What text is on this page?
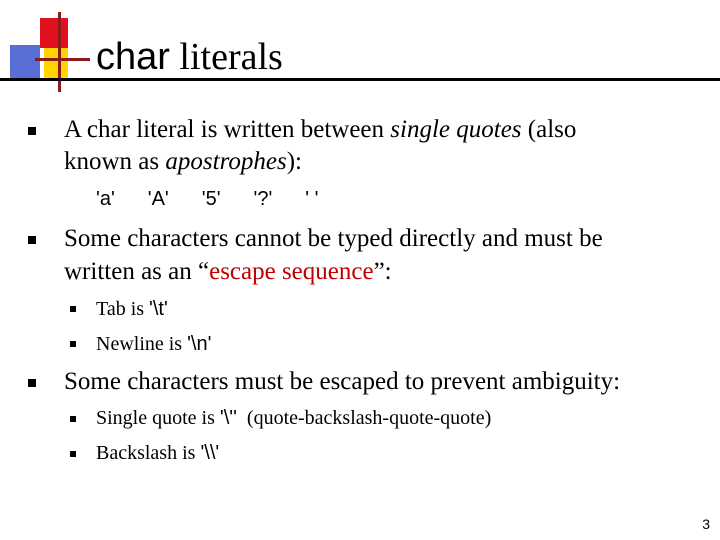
char literals
A char literal is written between single quotes (also
known as apostrophes):
'a' 'A' '5' '?' ' '
Some characters cannot be typed directly and must be
written as an “escape sequence”:
Tab is '\t'
Newline is '\n'
Some characters must be escaped to prevent ambiguity:
Single quote is '\''  (quote-backslash-quote-quote)
Backslash is '\\'
3
